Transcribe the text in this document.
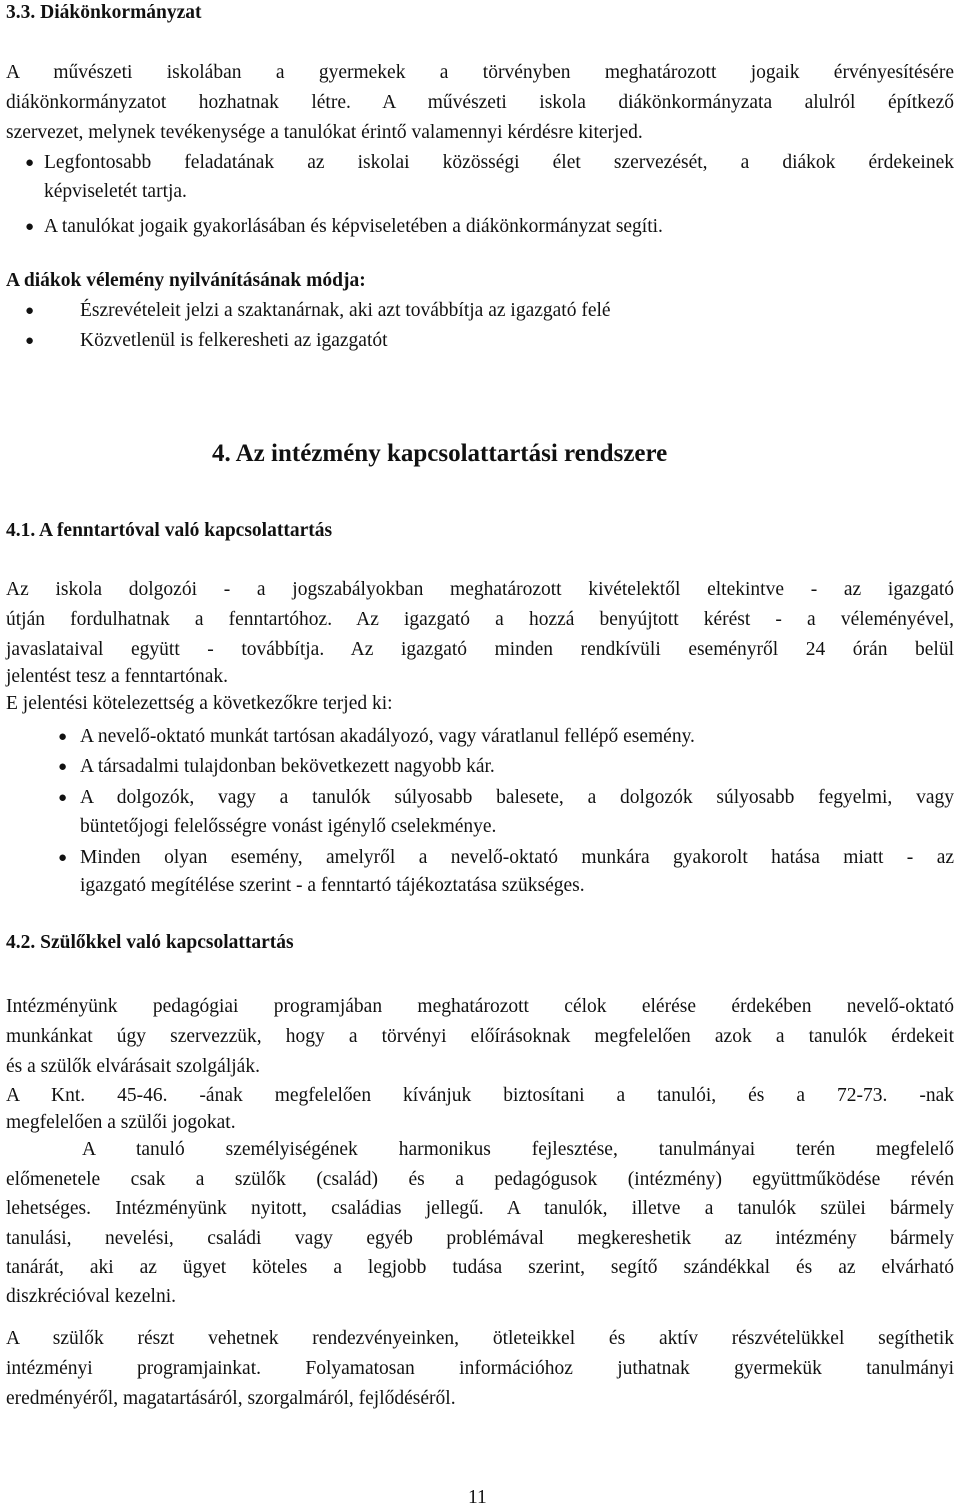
3.3. Diákönkormányzat
A művészeti iskolában a gyermekek a törvényben meghatározott jogaik érvényesítésére
diákönkormányzatot hozhatnak létre. A művészeti iskola diákönkormányzata alulról építkező
szervezet, melynek tevékenysége a tanulókat érintő valamennyi kérdésre kiterjed.
● Legfontosabb feladatának az iskolai közösségi élet szervezését, a diákok érdekeinek
képviseletét tartja.
● A tanulókat jogaik gyakorlásában és képviseletében a diákönkormányzat segíti.
A diákok vélemény nyilvánításának módja:
● Észrevételeit jelzi a szaktanárnak, aki azt továbbítja az igazgató felé
● Közvetlenül is felkeresheti az igazgatót
4. Az intézmény kapcsolattartási rendszere
4.1. A fenntartóval való kapcsolattartás
Az iskola dolgozói - a jogszabályokban meghatározott kivételektől eltekintve - az igazgató
útján fordulhatnak a fenntartóhoz. Az igazgató a hozzá benyújtott kérést - a véleményével,
javaslataival együtt - továbbítja. Az igazgató minden rendkívüli eseményről 24 órán belül
jelentést tesz a fenntartónak.
E jelentési kötelezettség a következőkre terjed ki:
● A nevelő-oktató munkát tartósan akadályozó, vagy váratlanul fellépő esemény.
● A társadalmi tulajdonban bekövetkezett nagyobb kár.
● A dolgozók, vagy a tanulók súlyosabb balesete, a dolgozók súlyosabb fegyelmi, vagy
büntetőjogi felelősségre vonást igénylő cselekménye.
● Minden olyan esemény, amelyről a nevelő-oktató munkára gyakorolt hatása miatt - az
igazgató megítélése szerint - a fenntartó tájékoztatása szükséges.
4.2. Szülőkkel való kapcsolattartás
Intézményünk pedagógiai programjában meghatározott célok elérése érdekében nevelő-oktató
munkánkat úgy szervezzük, hogy a törvényi előírásoknak megfelelően azok a tanulók érdekeit
és a szülők elvárásait szolgálják.
A Knt. 45-46. -ának megfelelően kívánjuk biztosítani a tanulói, és a 72-73. -nak
megfelelően a szülői jogokat.
A tanuló személyiségének harmonikus fejlesztése, tanulmányai terén megfelelő
előmenetele csak a szülők (család) és a pedagógusok (intézmény) együttműködése révén
lehetséges. Intézményünk nyitott, családias jellegű. A tanulók, illetve a tanulók szülei bármely
tanulási, nevelési, családi vagy egyéb problémával megkereshetik az intézmény bármely
tanárát, aki az ügyet köteles a legjobb tudása szerint, segítő szándékkal és az elvárható
diszkrécióval kezelni.
A szülők részt vehetnek rendezvényeinken, ötleteikkel és aktív részvételükkel segíthetik
intézményi programjainkat. Folyamatosan információhoz juthatnak gyermekük tanulmányi
eredményéről, magatartásáról, szorgalmáról, fejlődéséről.
11
